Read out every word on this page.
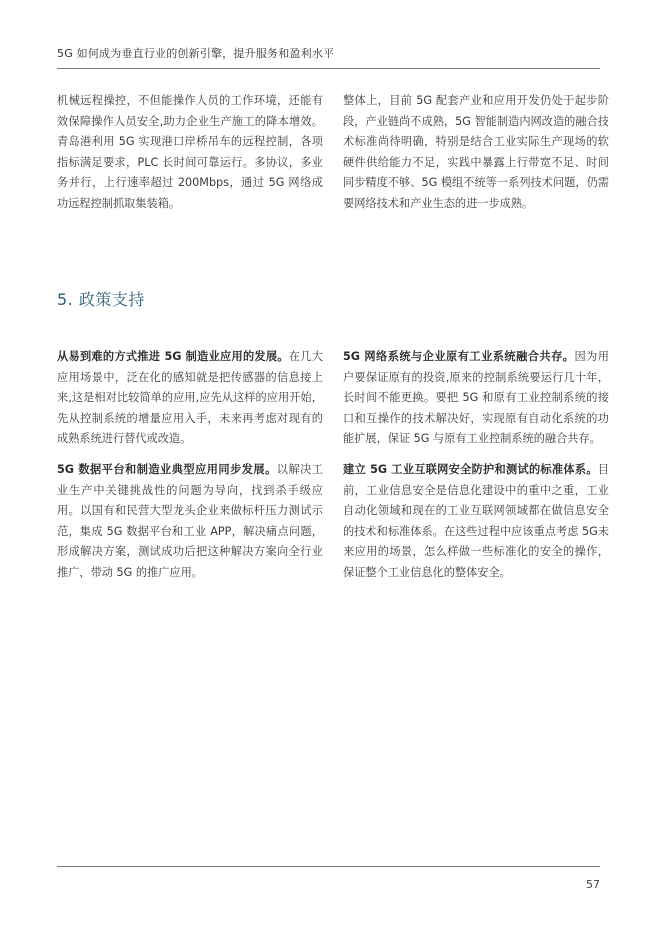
5G 如何成为垂直行业的创新引擎，提升服务和盈利水平

机械远程操控，不但能操作人员的工作环境，还能有效保障操作人员安全,助力企业生产施工的降本增效。青岛港利用 5G 实现港口岸桥吊车的远程控制，各项指标满足要求，PLC 长时间可靠运行。多协议，多业务并行，上行速率超过 200Mbps，通过 5G 网络成功远程控制抓取集装箱。

整体上，目前 5G 配套产业和应用开发仍处于起步阶段，产业链尚不成熟，5G 智能制造内网改造的融合技术标准尚待明确，特别是结合工业实际生产现场的软硬件供给能力不足，实践中暴露上行带宽不足、时间同步精度不够、5G 模组不统等一系列技术问题，仍需要网络技术和产业生态的进一步成熟。

5. 政策支持

从易到难的方式推进 5G 制造业应用的发展。在几大应用场景中，泛在化的感知就是把传感器的信息接上来,这是相对比较简单的应用,应先从这样的应用开始，先从控制系统的增量应用入手，未来再考虑对现有的成熟系统进行替代或改造。

5G 数据平台和制造业典型应用同步发展。以解决工业生产中关键挑战性的问题为导向，找到杀手级应用。以国有和民营大型龙头企业来做标杆压力测试示范，集成 5G 数据平台和工业 APP，解决痛点问题，形成解决方案，测试成功后把这种解决方案向全行业推广，带动 5G 的推广应用。

5G 网络系统与企业原有工业系统融合共存。因为用户要保证原有的投资,原来的控制系统要运行几十年，长时间不能更换。要把 5G 和原有工业控制系统的接口和互操作的技术解决好，实现原有自动化系统的功能扩展，保证 5G 与原有工业控制系统的融合共存。

建立 5G 工业互联网安全防护和测试的标准体系。目前，工业信息安全是信息化建设中的重中之重，工业自动化领域和现在的工业互联网领域都在做信息安全的技术和标准体系。在这些过程中应该重点考虑 5G未来应用的场景，怎么样做一些标准化的安全的操作，保证整个工业信息化的整体安全。

57
